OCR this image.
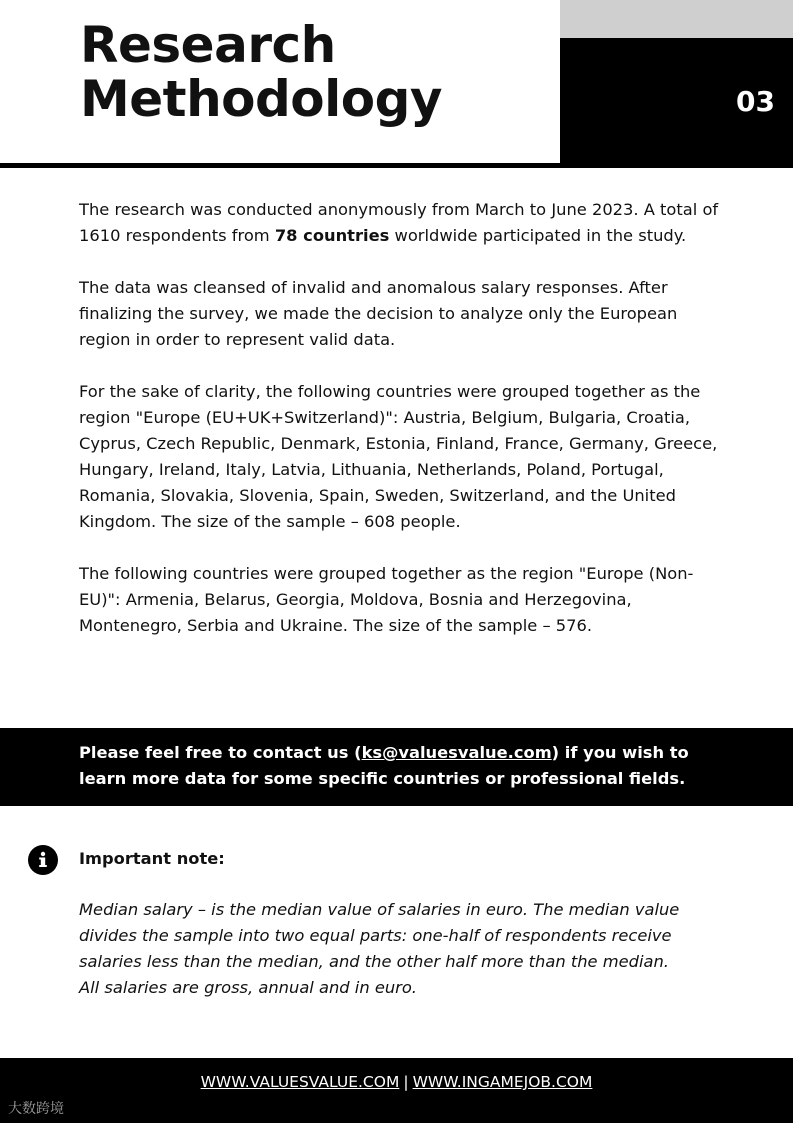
Research
Methodology	03

The research was conducted anonymously from March to June 2023. A total of 1610 respondents from 78 countries worldwide participated in the study.

The data was cleansed of invalid and anomalous salary responses. After finalizing the survey, we made the decision to analyze only the European region in order to represent valid data.

For the sake of clarity, the following countries were grouped together as the region "Europe (EU+UK+Switzerland)": Austria, Belgium, Bulgaria, Croatia, Cyprus, Czech Republic, Denmark, Estonia, Finland, France, Germany, Greece, Hungary, Ireland, Italy, Latvia, Lithuania, Netherlands, Poland, Portugal, Romania, Slovakia, Slovenia, Spain, Sweden, Switzerland, and the United Kingdom. The size of the sample – 608 people.

The following countries were grouped together as the region "Europe (Non-EU)": Armenia, Belarus, Georgia, Moldova, Bosnia and Herzegovina, Montenegro, Serbia and Ukraine. The size of the sample – 576.

Please feel free to contact us (ks@valuesvalue.com) if you wish to learn more data for some specific countries or professional fields.
Important note:

Median salary – is the median value of salaries in euro. The median value divides the sample into two equal parts: one-half of respondents receive salaries less than the median, and the other half more than the median.

All salaries are gross, annual and in euro.

WWW.VALUESVALUE.COM | WWW.INGAMEJOB.COM
大数跨境
